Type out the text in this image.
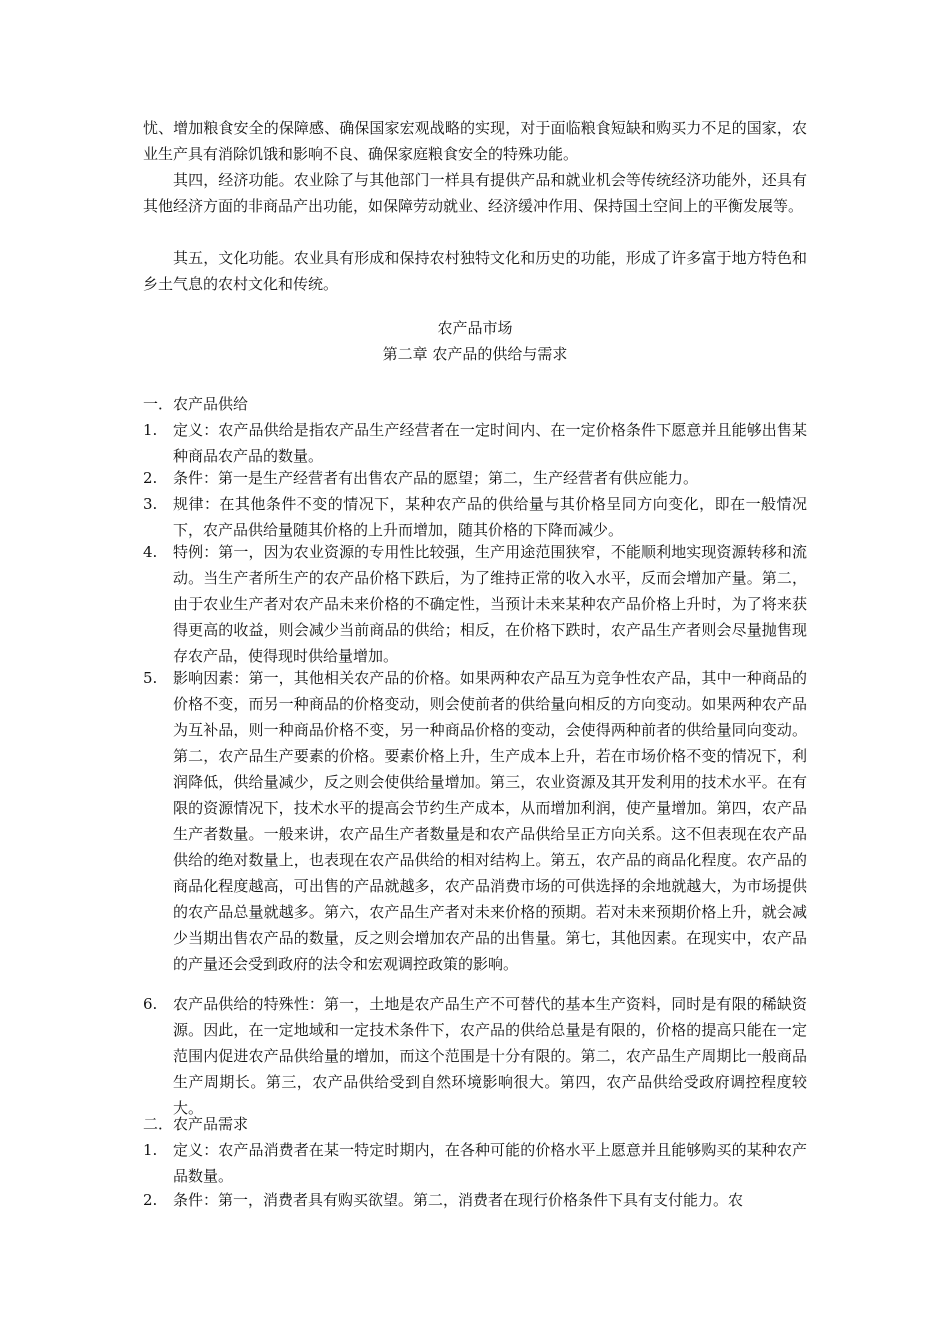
忧、增加粮食安全的保障感、确保国家宏观战略的实现，对于面临粮食短缺和购买力不足的国家，农业生产具有消除饥饿和影响不良、确保家庭粮食安全的特殊功能。

其四，经济功能。农业除了与其他部门一样具有提供产品和就业机会等传统经济功能外，还具有其他经济方面的非商品产出功能，如保障劳动就业、经济缓冲作用、保持国土空间上的平衡发展等。

其五，文化功能。农业具有形成和保持农村独特文化和历史的功能，形成了许多富于地方特色和乡土气息的农村文化和传统。

农产品市场

第二章 农产品的供给与需求

一．农产品供给

1.	定义：农产品供给是指农产品生产经营者在一定时间内、在一定价格条件下愿意并且能够出售某种商品农产品的数量。
2.	条件：第一是生产经营者有出售农产品的愿望；第二，生产经营者有供应能力。
3.	规律：在其他条件不变的情况下，某种农产品的供给量与其价格呈同方向变化，即在一般情况下，农产品供给量随其价格的上升而增加，随其价格的下降而减少。
4.	特例：第一，因为农业资源的专用性比较强，生产用途范围狭窄，不能顺利地实现资源转移和流动。当生产者所生产的农产品价格下跌后，为了维持正常的收入水平，反而会增加产量。第二，由于农业生产者对农产品未来价格的不确定性，当预计未来某种农产品价格上升时，为了将来获得更高的收益，则会减少当前商品的供给；相反，在价格下跌时，农产品生产者则会尽量抛售现存农产品，使得现时供给量增加。
5.	影响因素：第一，其他相关农产品的价格。如果两种农产品互为竞争性农产品，其中一种商品的价格不变，而另一种商品的价格变动，则会使前者的供给量向相反的方向变动。如果两种农产品为互补品，则一种商品价格不变，另一种商品价格的变动，会使得两种前者的供给量同向变动。第二，农产品生产要素的价格。要素价格上升，生产成本上升，若在市场价格不变的情况下，利润降低，供给量减少，反之则会使供给量增加。第三，农业资源及其开发利用的技术水平。在有限的资源情况下，技术水平的提高会节约生产成本，从而增加利润，使产量增加。第四，农产品生产者数量。一般来讲，农产品生产者数量是和农产品供给呈正方向关系。这不但表现在农产品供给的绝对数量上，也表现在农产品供给的相对结构上。第五，农产品的商品化程度。农产品的商品化程度越高，可出售的产品就越多，农产品消费市场的可供选择的余地就越大，为市场提供的农产品总量就越多。第六，农产品生产者对未来价格的预期。若对未来预期价格上升，就会减少当期出售农产品的数量，反之则会增加农产品的出售量。第七，其他因素。在现实中，农产品的产量还会受到政府的法令和宏观调控政策的影响。
6.	农产品供给的特殊性：第一，土地是农产品生产不可替代的基本生产资料，同时是有限的稀缺资源。因此，在一定地域和一定技术条件下，农产品的供给总量是有限的，价格的提高只能在一定范围内促进农产品供给量的增加，而这个范围是十分有限的。第二，农产品生产周期比一般商品生产周期长。第三，农产品供给受到自然环境影响很大。第四，农产品供给受政府调控程度较大。

二．农产品需求

1.	定义：农产品消费者在某一特定时期内，在各种可能的价格水平上愿意并且能够购买的某种农产品数量。
2.	条件：第一，消费者具有购买欲望。第二，消费者在现行价格条件下具有支付能力。农
